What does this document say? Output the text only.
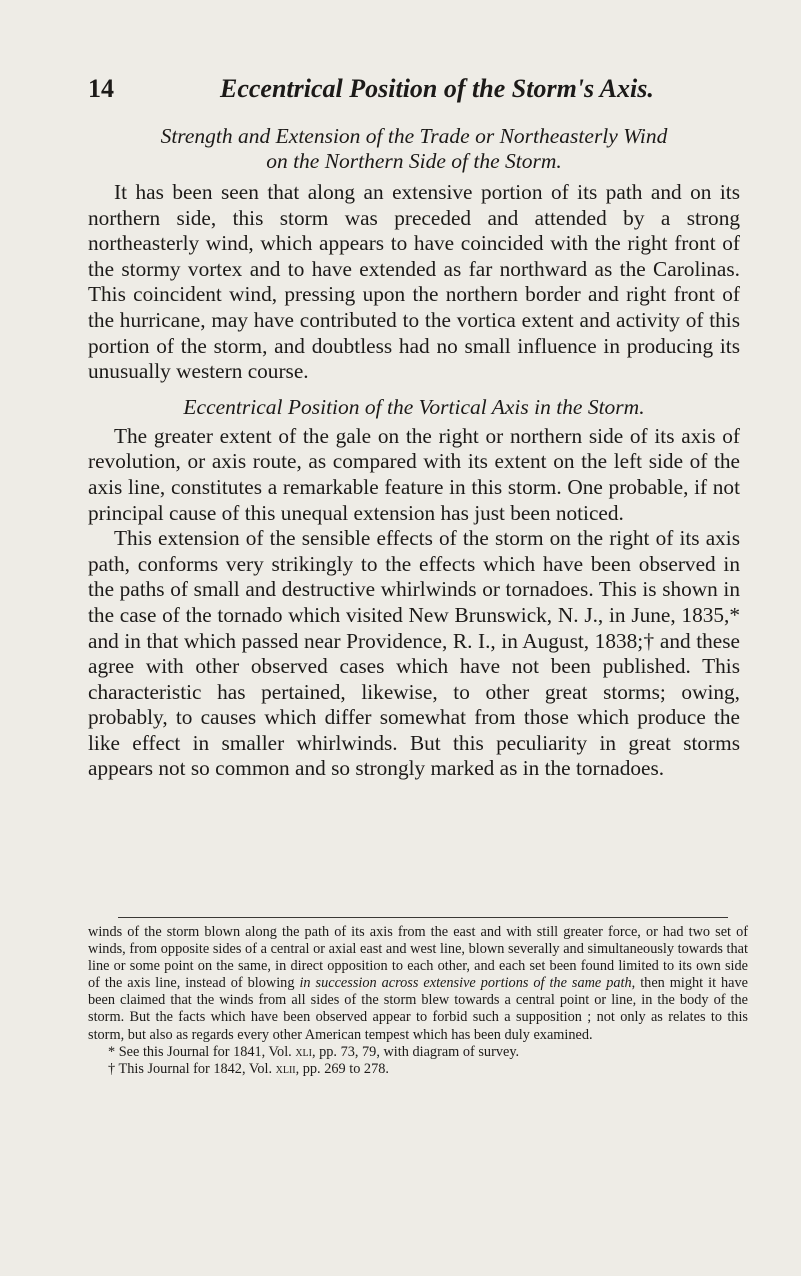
14	Eccentrical Position of the Storm's Axis.

Strength and Extension of the Trade or Northeasterly Wind
on the Northern Side of the Storm.

It has been seen that along an extensive portion of its path and on its northern side, this storm was preceded and attended by a strong northeasterly wind, which appears to have coincided with the right front of the stormy vortex and to have extended as far northward as the Carolinas. This coincident wind, pressing upon the northern border and right front of the hurricane, may have contributed to the vortica extent and activity of this portion of the storm, and doubtless had no small influence in producing its unusually western course.

Eccentrical Position of the Vortical Axis in the Storm.

The greater extent of the gale on the right or northern side of its axis of revolution, or axis route, as compared with its extent on the left side of the axis line, constitutes a remarkable feature in this storm. One probable, if not principal cause of this unequal extension has just been noticed.

This extension of the sensible effects of the storm on the right of its axis path, conforms very strikingly to the effects which have been observed in the paths of small and destructive whirlwinds or tornadoes. This is shown in the case of the tornado which visited New Brunswick, N. J., in June, 1835,* and in that which passed near Providence, R. I., in August, 1838;† and these agree with other observed cases which have not been published. This characteristic has pertained, likewise, to other great storms; owing, probably, to causes which differ somewhat from those which produce the like effect in smaller whirlwinds. But this peculiarity in great storms appears not so common and so strongly marked as in the tornadoes.

winds of the storm blown along the path of its axis from the east and with still greater force, or had two set of winds, from opposite sides of a central or axial east and west line, blown severally and simultaneously towards that line or some point on the same, in direct opposition to each other, and each set been found limited to its own side of the axis line, instead of blowing in succession across extensive portions of the same path, then might it have been claimed that the winds from all sides of the storm blew towards a central point or line, in the body of the storm. But the facts which have been observed appear to forbid such a supposition ; not only as relates to this storm, but also as regards every other American tempest which has been duly examined.

* See this Journal for 1841, Vol. xli, pp. 73, 79, with diagram of survey.

† This Journal for 1842, Vol. xlii, pp. 269 to 278.
